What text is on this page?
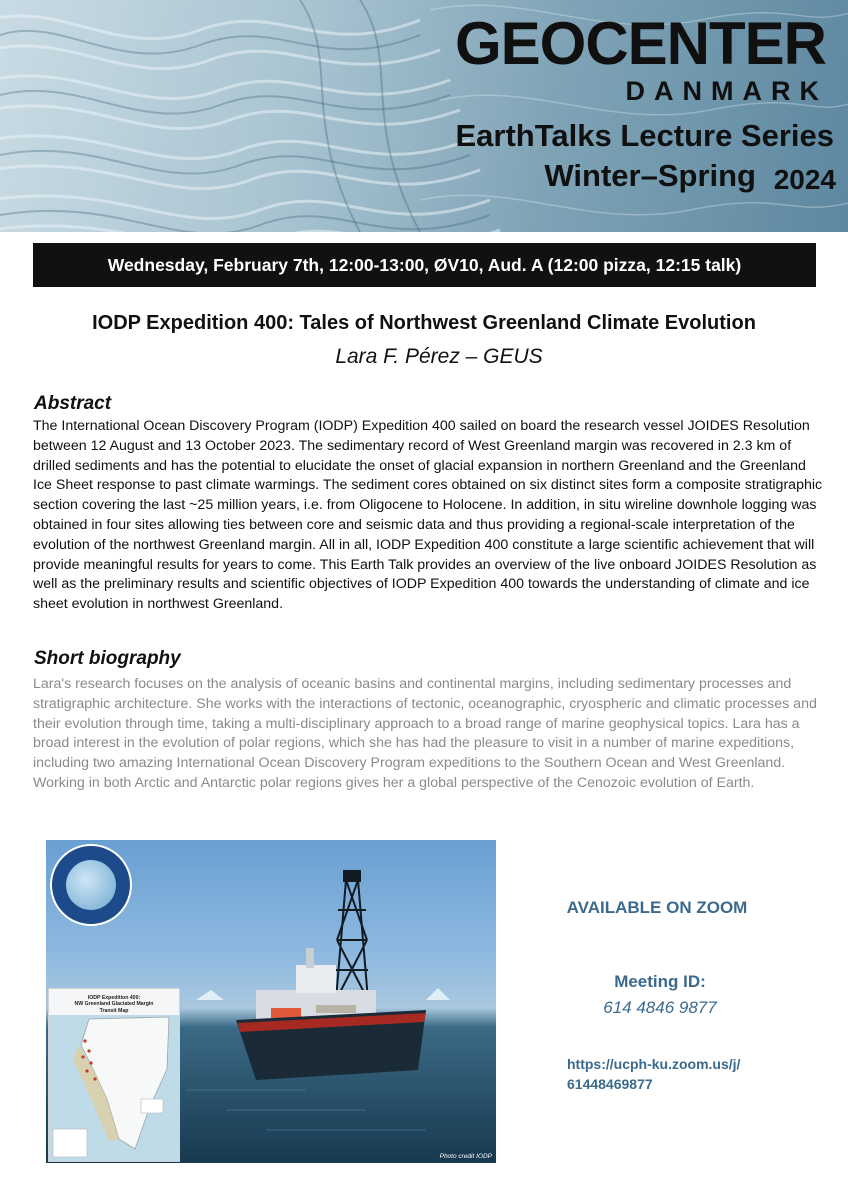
GEOCENTER
DANMARK
EarthTalks Lecture Series
Winter–Spring 2024
Wednesday, February 7th, 12:00-13:00, ØV10, Aud. A (12:00 pizza, 12:15 talk)
IODP Expedition 400: Tales of Northwest Greenland Climate Evolution
Lara F. Pérez – GEUS
Abstract
The International Ocean Discovery Program (IODP) Expedition 400 sailed on board the research vessel JOIDES Resolution between 12 August and 13 October 2023. The sedimentary record of West Greenland margin was recovered in 2.3 km of drilled sediments and has the potential to elucidate the onset of glacial expansion in northern Greenland and the Greenland Ice Sheet response to past climate warmings. The sediment cores obtained on six distinct sites form a composite stratigraphic section covering the last ~25 million years, i.e. from Oligocene to Holocene. In addition, in situ wireline downhole logging was obtained in four sites allowing ties between core and seismic data and thus providing a regional-scale interpretation of the evolution of the northwest Greenland margin. All in all, IODP Expedition 400 constitute a large scientific achievement that will provide meaningful results for years to come. This Earth Talk provides an overview of the live onboard JOIDES Resolution as well as the preliminary results and scientific objectives of IODP Expedition 400 towards the understanding of climate and ice sheet evolution in northwest Greenland.
Short biography
Lara's research focuses on the analysis of oceanic basins and continental margins, including sedimentary processes and stratigraphic architecture. She works with the interactions of tectonic, oceanographic, cryospheric and climatic processes and their evolution through time, taking a multi-disciplinary approach to a broad range of marine geophysical topics. Lara has a broad interest in the evolution of polar regions, which she has had the pleasure to visit in a number of marine expeditions, including two amazing International Ocean Discovery Program expeditions to the Southern Ocean and West Greenland. Working in both Arctic and Antarctic polar regions gives her a global perspective of the Cenozoic evolution of Earth.
IODP Expedition 400:
NW Greenland Glaciated Margin
Transit Map
Photo credit IODP
AVAILABLE ON ZOOM
Meeting ID:
614 4846 9877
https://ucph-ku.zoom.us/j/
61448469877
